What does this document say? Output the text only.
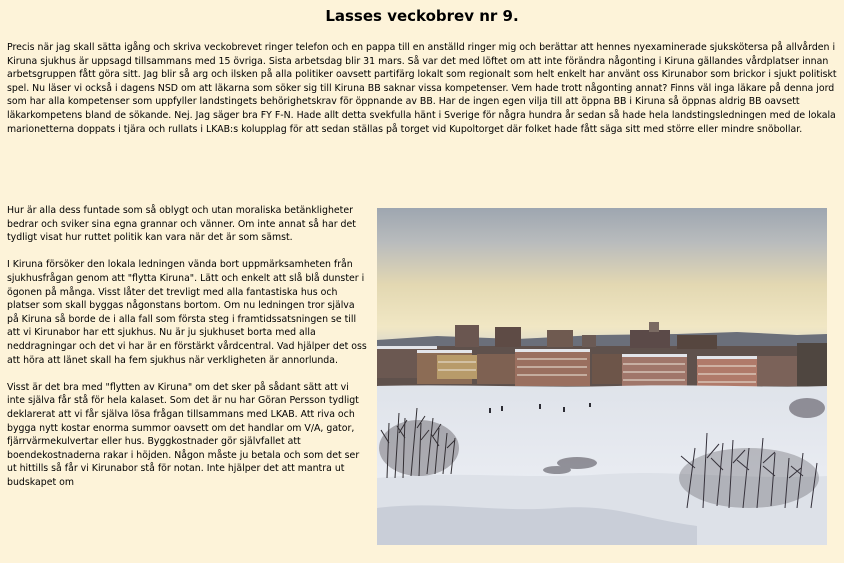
Lasses veckobrev nr 9.

Precis när jag skall sätta igång och skriva veckobrevet ringer telefon och en pappa till en anställd ringer mig och berättar att hennes nyexaminerade sjukskötersa på allvården i Kiruna sjukhus är uppsagd tillsammans med 15 övriga. Sista arbetsdag blir 31 mars. Så var det med löftet om att inte förändra någonting i Kiruna gällandes vårdplatser innan arbetsgruppen fått göra sitt. Jag blir så arg och ilsken på alla politiker oavsett partifärg lokalt som regionalt som helt enkelt har använt oss Kirunabor som brickor i sjukt politiskt spel. Nu läser vi också i dagens NSD om att läkarna som söker sig till Kiruna BB saknar vissa kompetenser. Vem hade trott någonting annat? Finns väl inga läkare på denna jord som har alla kompetenser som uppfyller landstingets behörighetskrav för öppnande av BB. Har de ingen egen vilja till att öppna BB i Kiruna så öppnas aldrig BB oavsett läkarkompetens bland de sökande. Nej. Jag säger bra FY F-N. Hade allt detta svekfulla hänt i Sverige för några hundra år sedan så hade hela landstingsledningen med de lokala marionetterna doppats i tjära och rullats i LKAB:s kolupplag för att sedan ställas på torget vid Kupoltorget där folket hade fått säga sitt med större eller mindre snöbollar.

Hur är alla dess funtade som så oblygt och utan moraliska betänkligheter bedrar och sviker sina egna grannar och vänner. Om inte annat så har det tydligt visat hur ruttet politik kan vara när det är som sämst.

I Kiruna försöker den lokala ledningen vända bort uppmärksamheten från sjukhusfrågan genom att "flytta Kiruna". Lätt och enkelt att slå blå dunster i ögonen på många. Visst låter det trevligt med alla fantastiska hus och platser som skall byggas någonstans bortom. Om nu ledningen tror själva på Kiruna så borde de i alla fall som första steg i framtidssatsningen se till att vi Kirunabor har ett sjukhus. Nu är ju sjukhuset borta med alla neddragningar och det vi har är en förstärkt vårdcentral. Vad hjälper det oss att höra att länet skall ha fem sjukhus när verkligheten är annorlunda.

Visst är det bra med "flytten av Kiruna" om det sker på sådant sätt att vi inte själva får stå för hela kalaset. Som det är nu har Göran Persson tydligt deklarerat att vi får själva lösa frågan tillsammans med LKAB. Att riva och bygga nytt kostar enorma summor oavsett om det handlar om V/A, gator, fjärrvärmekulvertar eller hus. Byggkostnader gör självfallet att boendekostnaderna rakar i höjden. Någon måste ju betala och som det ser ut hittills så får vi Kirunabor stå för notan. Inte hjälper det att mantra ut budskapet om
